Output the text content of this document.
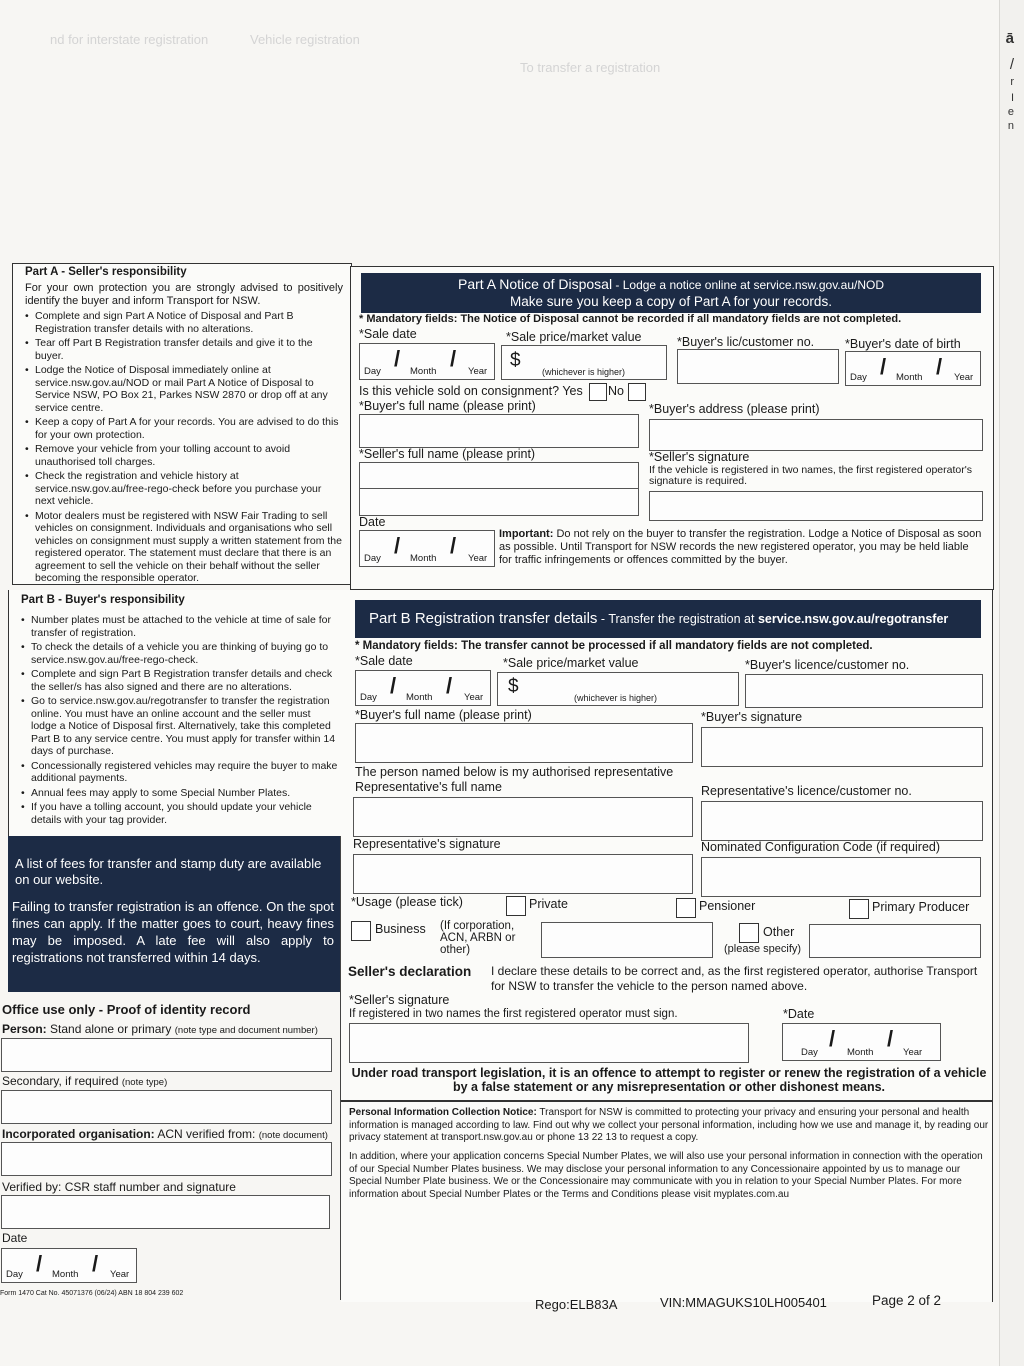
nd for interstate registration	Vehicle registration
To transfer a registration
ā
/
r
I
e
n
Part A - Seller's responsibility
For your own protection you are strongly advised to positively identify the buyer and inform Transport for NSW.
• Complete and sign Part A Notice of Disposal and Part B Registration transfer details with no alterations.
• Tear off Part B Registration transfer details and give it to the buyer.
• Lodge the Notice of Disposal immediately online at service.nsw.gov.au/NOD or mail Part A Notice of Disposal to Service NSW, PO Box 21, Parkes NSW 2870 or drop off at any service centre.
• Keep a copy of Part A for your records. You are advised to do this for your own protection.
• Remove your vehicle from your tolling account to avoid unauthorised toll charges.
• Check the registration and vehicle history at service.nsw.gov.au/free-rego-check before you purchase your next vehicle.
• Motor dealers must be registered with NSW Fair Trading to sell vehicles on consignment. Individuals and organisations who sell vehicles on consignment must supply a written statement from the registered operator. The statement must declare that there is an agreement to sell the vehicle on their behalf without the seller becoming the responsible operator.
Part B - Buyer's responsibility
• Number plates must be attached to the vehicle at time of sale for transfer of registration.
• To check the details of a vehicle you are thinking of buying go to service.nsw.gov.au/free-rego-check.
• Complete and sign Part B Registration transfer details and check the seller/s has also signed and there are no alterations.
• Go to service.nsw.gov.au/regotransfer to transfer the registration online. You must have an online account and the seller must lodge a Notice of Disposal first. Alternatively, take this completed Part B to any service centre. You must apply for transfer within 14 days of purchase.
• Concessionally registered vehicles may require the buyer to make additional payments.
• Annual fees may apply to some Special Number Plates.
• If you have a tolling account, you should update your vehicle details with your tag provider.
A list of fees for transfer and stamp duty are available on our website.
Failing to transfer registration is an offence. On the spot fines can apply. If the matter goes to court, heavy fines may be imposed. A late fee will also apply to registrations not transferred within 14 days.
Office use only - Proof of identity record
Person: Stand alone or primary (note type and document number)
Secondary, if required (note type)
Incorporated organisation: ACN verified from: (note document)
Verified by: CSR staff number and signature
Date
Day / Month / Year
Form 1470 Cat No. 45071376 (06/24) ABN 18 804 239 602
Part A Notice of Disposal - Lodge a notice online at service.nsw.gov.au/NOD
Make sure you keep a copy of Part A for your records.
* Mandatory fields: The Notice of Disposal cannot be recorded if all mandatory fields are not completed.
*Sale date	*Sale price/market value	*Buyer's lic/customer no. *Buyer's date of birth
Day
/
Month
/
Year
$
(whichever is higher)	Day / Month / Year
Is this vehicle sold on consignment? Yes No
*Buyer's full name (please print)	*Buyer's address (please print)
*Seller's full name (please print)	*Seller's signature
If the vehicle is registered in two names, the first registered operator's signature is required.
Date
Day
/
Month
/
Year
Important: Do not rely on the buyer to transfer the registration. Lodge a Notice of Disposal as soon as possible. Until Transport for NSW records the new registered operator, you may be held liable for traffic infringements or offences committed by the buyer.
Part B Registration transfer details - Transfer the registration at service.nsw.gov.au/regotransfer
* Mandatory fields: The transfer cannot be processed if all mandatory fields are not completed.
*Sale date	*Sale price/market value	*Buyer's licence/customer no.
Day / Month / Year
$
(whichever is higher)
*Buyer's full name (please print)	*Buyer's signature
The person named below is my authorised representative
Representative's full name	Representative's licence/customer no.
Representative's signature	Nominated Configuration Code (if required)
*Usage (please tick)	Private	Pensioner	Primary Producer
Business (If corporation, ACN, ARBN or other)
Other
(please specify)
Seller's declaration I declare these details to be correct and, as the first registered operator, authorise Transport for NSW to transfer the vehicle to the person named above.
*Seller's signature
If registered in two names the first registered operator must sign.	*Date
Day
/
Month
/
Year
Under road transport legislation, it is an offence to attempt to register or renew the registration of a vehicle by a false statement or any misrepresentation or other dishonest means.
Personal Information Collection Notice: Transport for NSW is committed to protecting your privacy and ensuring your personal and health information is managed according to law. Find out why we collect your personal information, including how we use and manage it, by reading our privacy statement at transport.nsw.gov.au or phone 13 22 13 to request a copy.
In addition, where your application concerns Special Number Plates, we will also use your personal information in connection with the operation of our Special Number Plates business. We may disclose your personal information to any Concessionaire appointed by us to manage our Special Number Plate business. We or the Concessionaire may communicate with you in relation to your Special Number Plates. For more information about Special Number Plates or the Terms and Conditions please visit myplates.com.au
Rego:ELB83A	VIN:MMAGUKS10LH005401	Page 2 of 2
